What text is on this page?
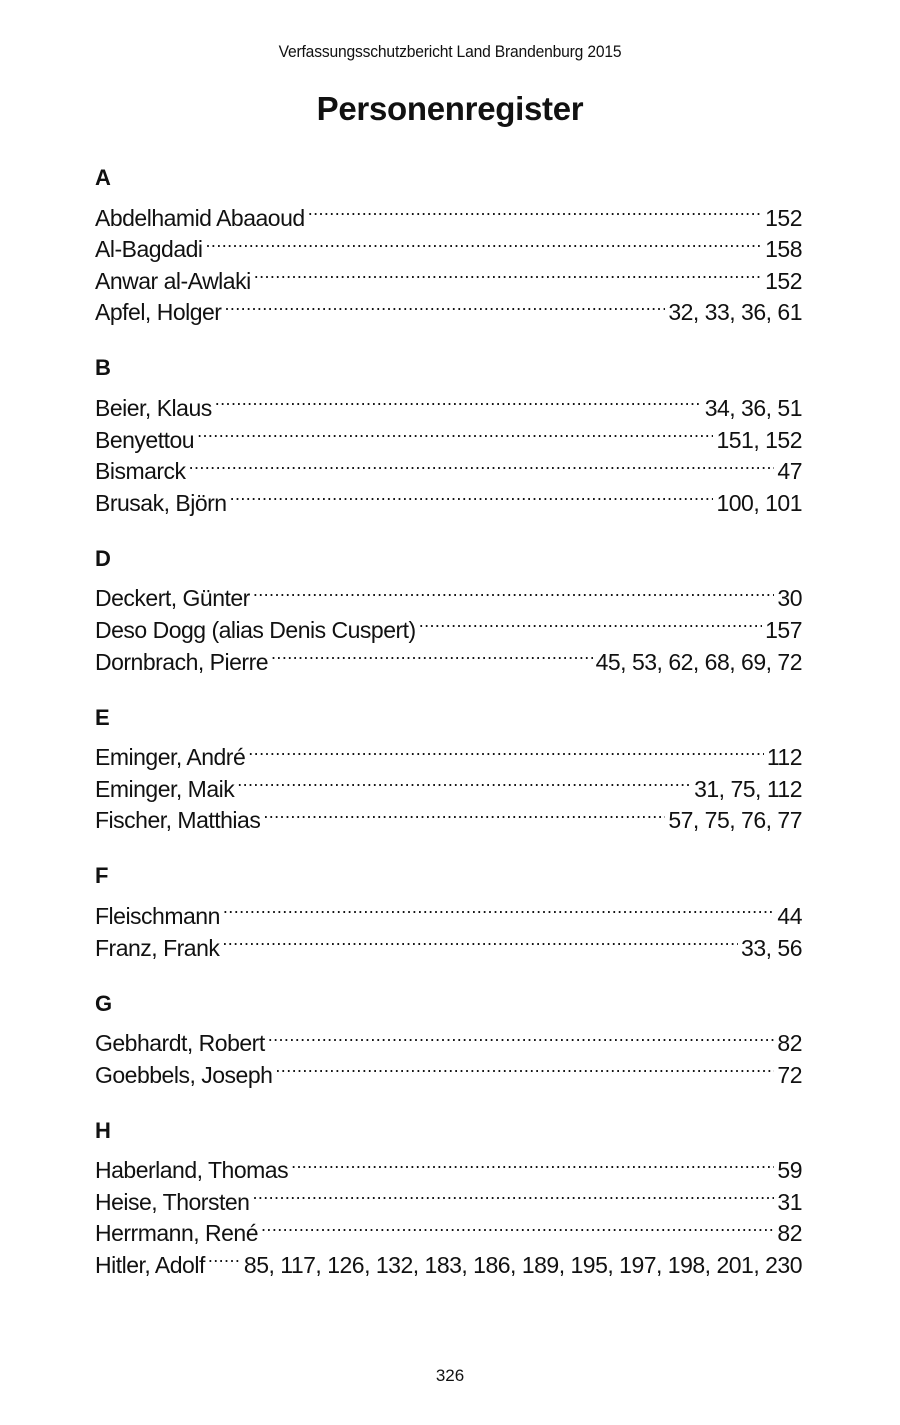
Verfassungsschutzbericht Land Brandenburg 2015
Personenregister
A
Abdelhamid Abaaoud .....	152
Al-Bagdadi .....	158
Anwar al-Awlaki .....	152
Apfel, Holger .....	32, 33, 36, 61
B
Beier, Klaus .....	34, 36, 51
Benyettou .....	151, 152
Bismarck .....	47
Brusak, Björn .....	100, 101
D
Deckert, Günter .....	30
Deso Dogg (alias Denis Cuspert) .....	157
Dornbrach, Pierre .....	45, 53, 62, 68, 69, 72
E
Eminger, André .....	112
Eminger, Maik .....	31, 75, 112
Fischer, Matthias .....	57, 75, 76, 77
F
Fleischmann .....	44
Franz, Frank .....	33, 56
G
Gebhardt, Robert .....	82
Goebbels, Joseph .....	72
H
Haberland, Thomas .....	59
Heise, Thorsten .....	31
Herrmann, René .....	82
Hitler, Adolf ..... 85, 117, 126, 132, 183, 186, 189, 195, 197, 198, 201, 230
326
